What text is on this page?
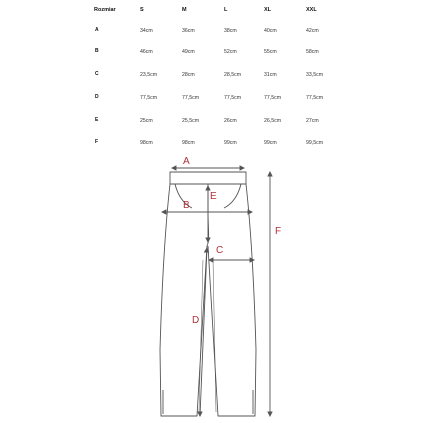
Rozmiar	S	M	L	XL	XXL
A	34cm	36cm	38cm	40cm	42cm
B	46cm	49cm	52cm	55cm	58cm
C	23,5cm	28cm	28,5cm	31cm	33,5cm
D	77,5cm	77,5cm	77,5cm	77,5cm	77,5cm
E	25cm	25,5cm	26cm	26,5cm	27cm
F	98cm	98cm	99cm	99cm	99,5cm
A
B
E
C
D
F
